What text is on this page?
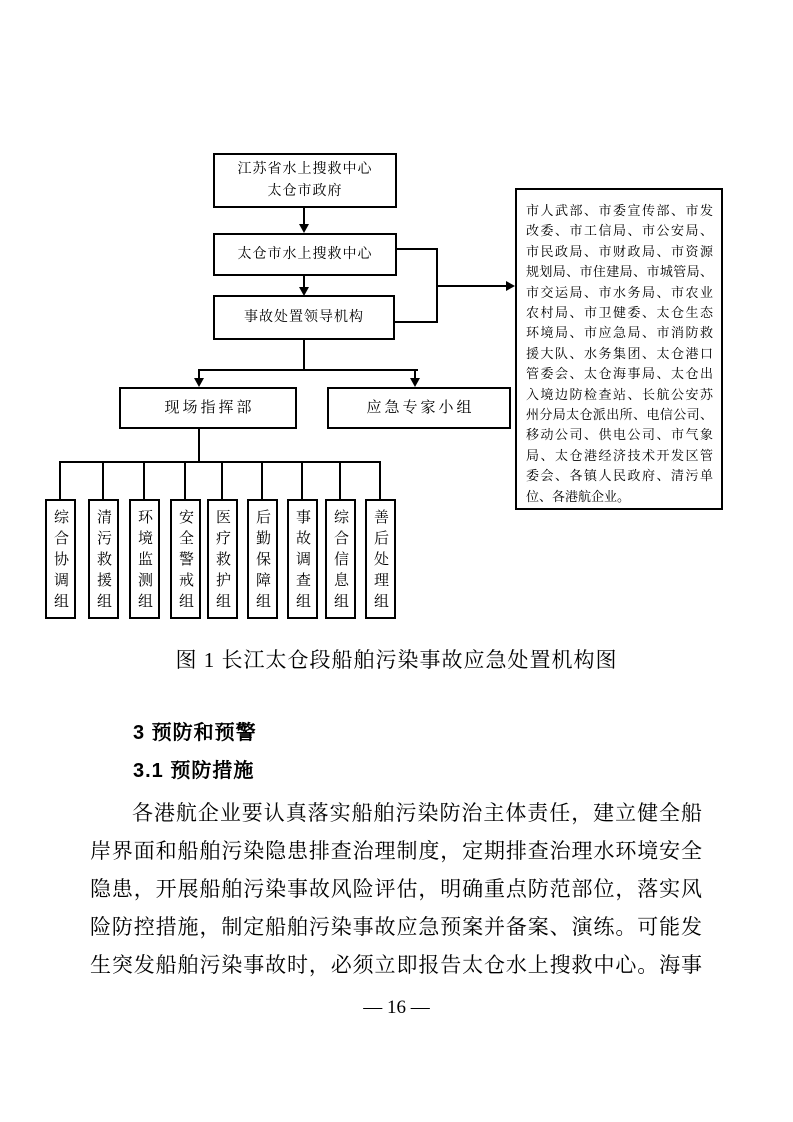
江苏省水上搜救中心
太仓市政府
太仓市水上搜救中心
事故处置领导机构
市人武部、市委宣传部、市发
改委、市工信局、市公安局、
市民政局、市财政局、市资源
规划局、市住建局、市城管局、
市交运局、市水务局、市农业
农村局、市卫健委、太仓生态
环境局、市应急局、市消防救
援大队、水务集团、太仓港口
管委会、太仓海事局、太仓出
入境边防检查站、长航公安苏
州分局太仓派出所、电信公司、
移动公司、供电公司、市气象
局、太仓港经济技术开发区管
委会、各镇人民政府、清污单
位、各港航企业。
现场指挥部	应急专家小组
综合协调组 清污救援组 环境监测组 安全警戒组 医疗救护组 后勤保障组 事故调查组 综合信息组 善后处理组
图 1 长江太仓段船舶污染事故应急处置机构图
3 预防和预警
3.1 预防措施
各港航企业要认真落实船舶污染防治主体责任，建立健全船
岸界面和船舶污染隐患排查治理制度，定期排查治理水环境安全
隐患，开展船舶污染事故风险评估，明确重点防范部位，落实风
险防控措施，制定船舶污染事故应急预案并备案、演练。可能发
生突发船舶污染事故时，必须立即报告太仓水上搜救中心。海事
— 16 —
